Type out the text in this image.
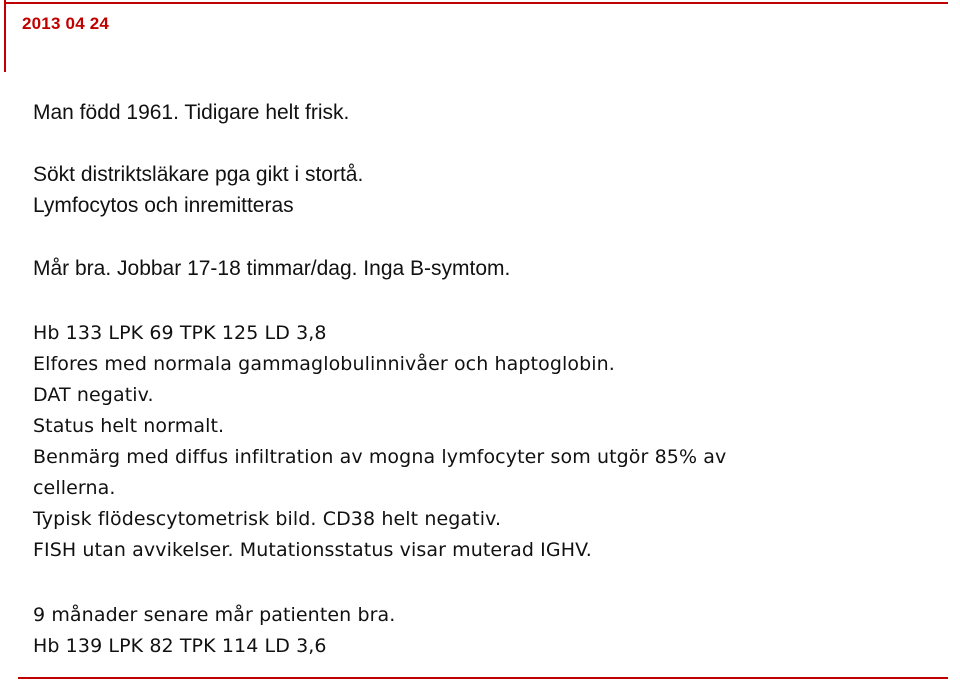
2013 04 24
Man född 1961. Tidigare helt frisk.
Sökt distriktsläkare pga gikt i stortå.
Lymfocytos och inremitteras
Mår bra. Jobbar 17-18 timmar/dag. Inga B-symtom.
Hb 133 LPK 69 TPK 125 LD 3,8
Elfores med normala gammaglobulinnivåer och haptoglobin.
DAT negativ.
Status helt normalt.
Benmärg med diffus infiltration av mogna lymfocyter som utgör 85% av
cellerna.
Typisk flödescytometrisk bild. CD38 helt negativ.
FISH utan avvikelser. Mutationsstatus visar muterad IGHV.
9 månader senare mår patienten bra.
Hb 139 LPK 82 TPK 114 LD 3,6
